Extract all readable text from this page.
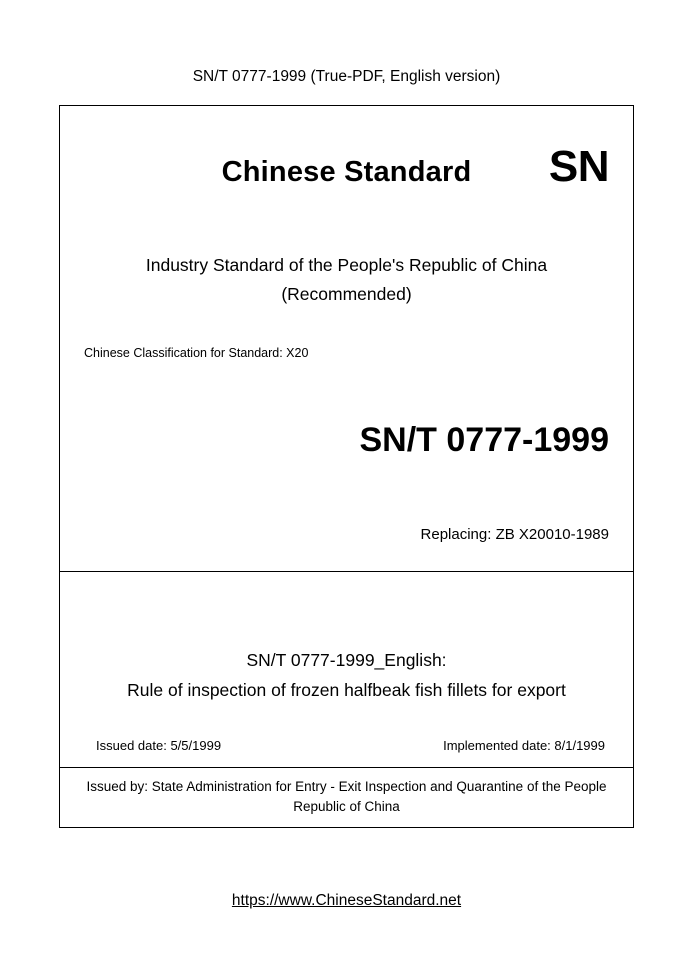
SN/T 0777-1999 (True-PDF, English version)
Chinese Standard	SN
Industry Standard of the People's Republic of China
(Recommended)
Chinese Classification for Standard: X20
SN/T 0777-1999
Replacing: ZB X20010-1989
SN/T 0777-1999_English:
Rule of inspection of frozen halfbeak fish fillets for export
Issued date: 5/5/1999	Implemented date: 8/1/1999
Issued by: State Administration for Entry - Exit Inspection and Quarantine of the People Republic of China
https://www.ChineseStandard.net
